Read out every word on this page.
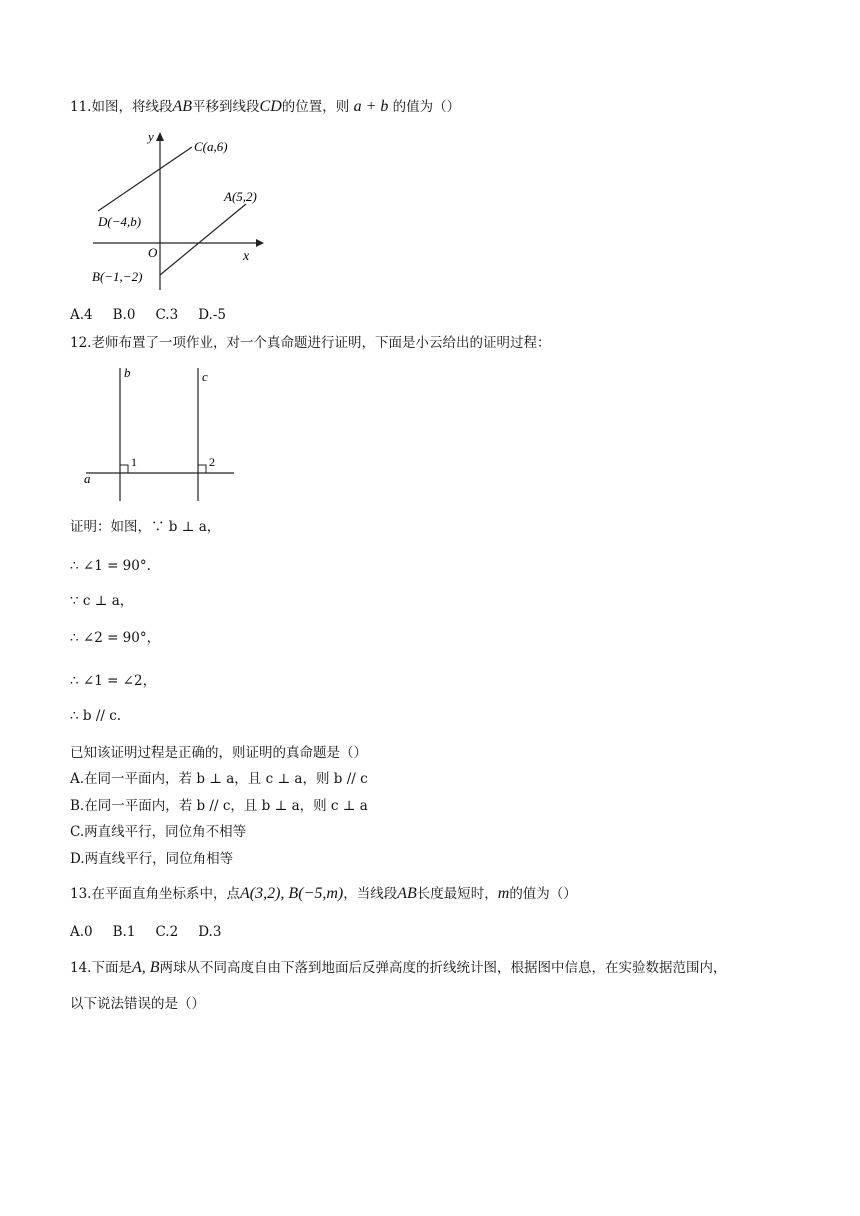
11.如图，将线段AB平移到线段CD的位置，则 a + b 的值为（）
y
x
O
C(a,6)
D(−4,b)
A(5,2)
B(−1,−2)
A.4 B.0 C.3 D.-5
12.老师布置了一项作业，对一个真命题进行证明，下面是小云给出的证明过程：
b	c
a
1	2
证明：如图，∵ b ⊥ a，
∴ ∠1 = 90°.
∵ c ⊥ a，
∴ ∠2 = 90°，
∴ ∠1 = ∠2，
∴ b // c.
已知该证明过程是正确的，则证明的真命题是（）
A.在同一平面内，若 b ⊥ a，且 c ⊥ a，则 b // c
B.在同一平面内，若 b // c，且 b ⊥ a，则 c ⊥ a
C.两直线平行，同位角不相等
D.两直线平行，同位角相等
13.在平面直角坐标系中，点A(3,2), B(−5,m)，当线段AB长度最短时，m的值为（）
A.0 B.1 C.2 D.3
14.下面是A, B两球从不同高度自由下落到地面后反弹高度的折线统计图，根据图中信息，在实验数据范围内，
以下说法错误的是（）
